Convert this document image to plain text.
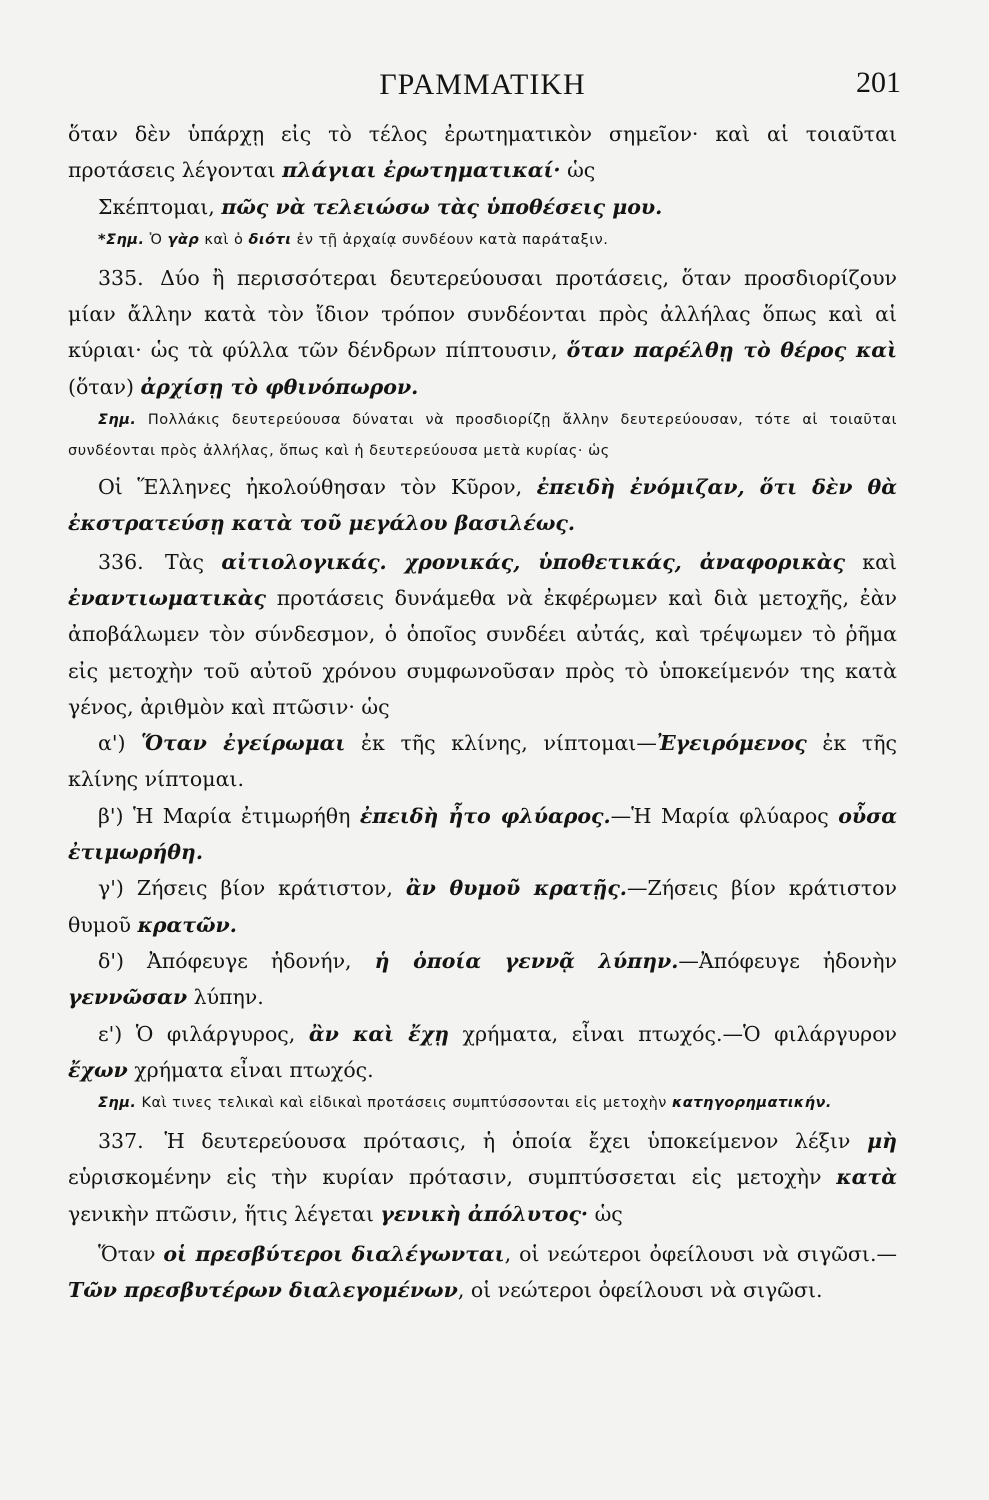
ΓΡΑΜΜΑΤΙΚΗ	201

ὅταν δὲν ὑπάρχῃ εἰς τὸ τέλος ἐρωτηματικὸν σημεῖον· καὶ αἱ τοιαῦται προτάσεις λέγονται πλάγιαι ἐρωτηματικαί· ὡς

Σκέπτομαι, πῶς νὰ τελειώσω τὰς ὑποθέσεις μου.

*Σημ. Ὁ γὰρ καὶ ὁ διότι ἐν τῇ ἀρχαίᾳ συνδέουν κατὰ παράταξιν.

335. Δύο ἢ περισσότεραι δευτερεύουσαι προτάσεις, ὅταν προσδιορίζουν μίαν ἄλλην κατὰ τὸν ἴδιον τρόπον συνδέονται πρὸς ἀλλήλας ὅπως καὶ αἱ κύριαι· ὡς τὰ φύλλα τῶν δένδρων πίπτουσιν, ὅταν παρέλθῃ τὸ θέρος καὶ (ὅταν) ἀρχίσῃ τὸ φθινόπωρον.

Σημ. Πολλάκις δευτερεύουσα δύναται νὰ προσδιορίζῃ ἄλλην δευτερεύουσαν, τότε αἱ τοιαῦται συνδέονται πρὸς ἀλλήλας, ὅπως καὶ ἡ δευτερεύουσα μετὰ κυρίας· ὡς

Οἱ Ἕλληνες ἠκολούθησαν τὸν Κῦρον, ἐπειδὴ ἐνόμιζαν, ὅτι δὲν θὰ ἐκστρατεύσῃ κατὰ τοῦ μεγάλου βασιλέως.

336. Τὰς αἰτιολογικάς. χρονικάς, ὑποθετικάς, ἀναφορικὰς καὶ ἐναντιωματικὰς προτάσεις δυνάμεθα νὰ ἐκφέρωμεν καὶ διὰ μετοχῆς, ἐὰν ἀποβάλωμεν τὸν σύνδεσμον, ὁ ὁποῖος συνδέει αὐτάς, καὶ τρέψωμεν τὸ ῥῆμα εἰς μετοχὴν τοῦ αὐτοῦ χρόνου συμφωνοῦσαν πρὸς τὸ ὑποκείμενόν της κατὰ γένος, ἀριθμὸν καὶ πτῶσιν· ὡς

α') Ὅταν ἐγείρωμαι ἐκ τῆς κλίνης, νίπτομαι—Ἐγειρόμενος ἐκ τῆς κλίνης νίπτομαι.

β') Ἡ Μαρία ἐτιμωρήθη ἐπειδὴ ἦτο φλύαρος.—Ἡ Μαρία φλύαρος οὖσα ἐτιμωρήθη.

γ') Ζήσεις βίον κράτιστον, ἂν θυμοῦ κρατῇς.—Ζήσεις βίον κράτιστον θυμοῦ κρατῶν.

δ') Ἀπόφευγε ἡδονήν, ἡ ὁποία γεννᾷ λύπην.—Ἀπόφευγε ἡδονὴν γεννῶσαν λύπην.

ε') Ὁ φιλάργυρος, ἂν καὶ ἔχῃ χρήματα, εἶναι πτωχός.—Ὁ φιλάργυρον ἔχων χρήματα εἶναι πτωχός.

Σημ. Καὶ τινες τελικαὶ καὶ εἰδικαὶ προτάσεις συμπτύσσονται εἰς μετοχὴν κατηγορηματικήν.

337. Ἡ δευτερεύουσα πρότασις, ἡ ὁποία ἔχει ὑποκείμενον λέξιν μὴ εὑρισκομένην εἰς τὴν κυρίαν πρότασιν, συμπτύσσεται εἰς μετοχὴν κατὰ γενικὴν πτῶσιν, ἥτις λέγεται γενικὴ ἀπόλυτος· ὡς

Ὅταν οἱ πρεσβύτεροι διαλέγωνται, οἱ νεώτεροι ὀφείλουσι νὰ σιγῶσι.—Τῶν πρεσβυτέρων διαλεγομένων, οἱ νεώτεροι ὀφείλουσι νὰ σιγῶσι.
